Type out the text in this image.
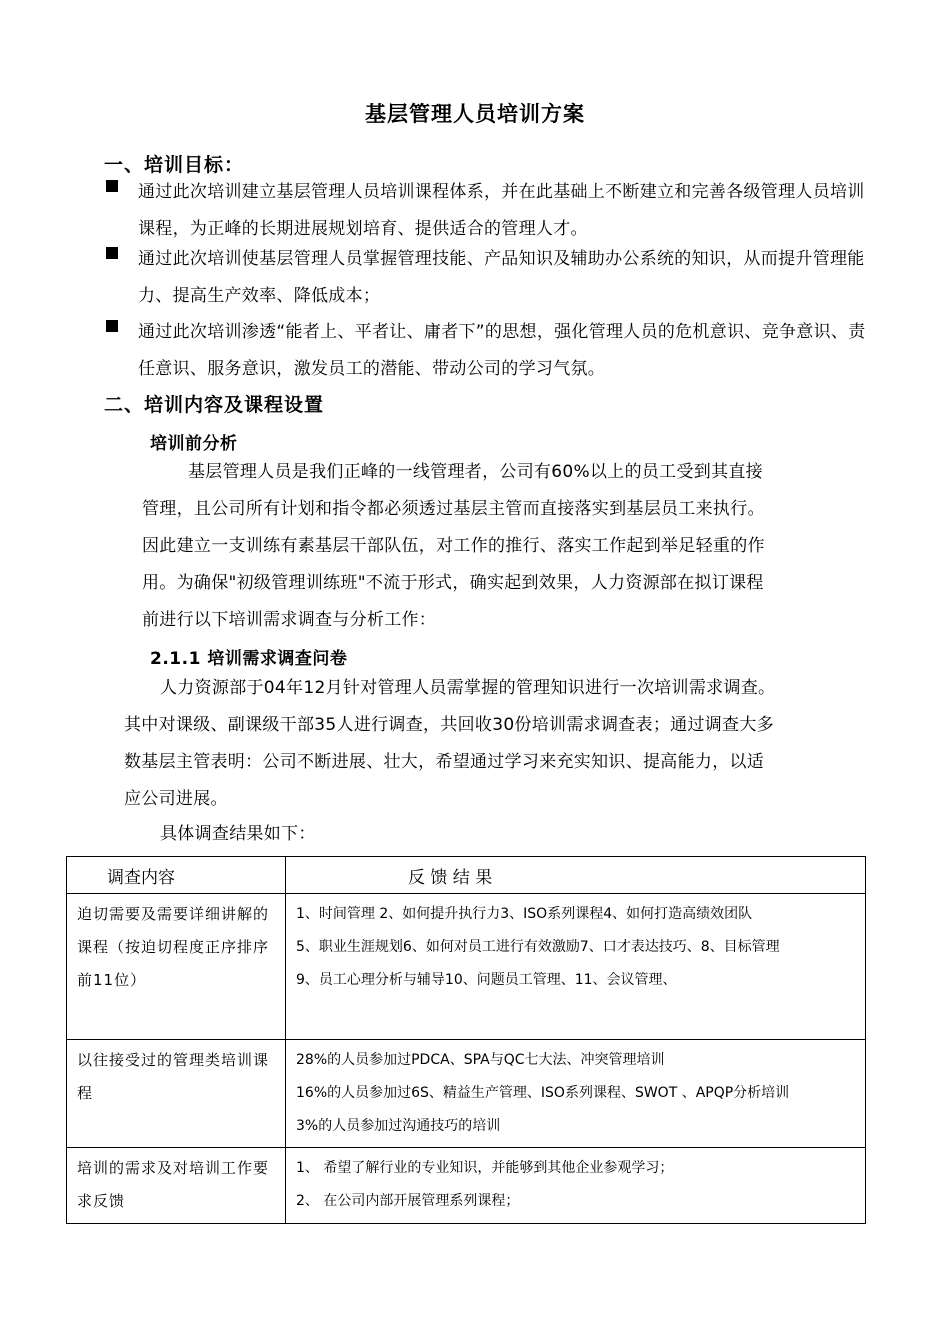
基层管理人员培训方案
一、培训目标：
通过此次培训建立基层管理人员培训课程体系，并在此基础上不断建立和完善各级管理人员培训课程，为正峰的长期进展规划培育、提供适合的管理人才。
通过此次培训使基层管理人员掌握管理技能、产品知识及辅助办公系统的知识，从而提升管理能力、提高生产效率、降低成本；
通过此次培训渗透“能者上、平者让、庸者下”的思想，强化管理人员的危机意识、竞争意识、责任意识、服务意识，激发员工的潜能、带动公司的学习气氛。
二、培训内容及课程设置
培训前分析

基层管理人员是我们正峰的一线管理者，公司有60%以上的员工受到其直接

管理，且公司所有计划和指令都必须透过基层主管而直接落实到基层员工来执行。

因此建立一支训练有素基层干部队伍，对工作的推行、落实工作起到举足轻重的作

用。为确保"初级管理训练班"不流于形式，确实起到效果，人力资源部在拟订课程

前进行以下培训需求调查与分析工作：

2.1.1 培训需求调查问卷

人力资源部于04年12月针对管理人员需掌握的管理知识进行一次培训需求调查。

其中对课级、副课级干部35人进行调查，共回收30份培训需求调查表；通过调查大多

数基层主管表明：公司不断进展、壮大，希望通过学习来充实知识、提高能力，以适

应公司进展。

具体调查结果如下：
调查内容	反 馈 结 果
迫切需要及需要详细讲解的课程（按迫切程度正序排序前11位）	1、时间管理 2、如何提升执行力3、ISO系列课程4、如何打造高绩效团队
5、职业生涯规划6、如何对员工进行有效激励7、口才表达技巧、8、目标管理
9、员工心理分析与辅导10、问题员工管理、11、会议管理、

以往接受过的管理类培训课程	28%的人员参加过PDCA、SPA与QC七大法、冲突管理培训
16%的人员参加过6S、精益生产管理、ISO系列课程、SWOT 、APQP分析培训
3%的人员参加过沟通技巧的培训

培训的需求及对培训工作要求反馈	1、 希望了解行业的专业知识，并能够到其他企业参观学习；
2、 在公司内部开展管理系列课程；
